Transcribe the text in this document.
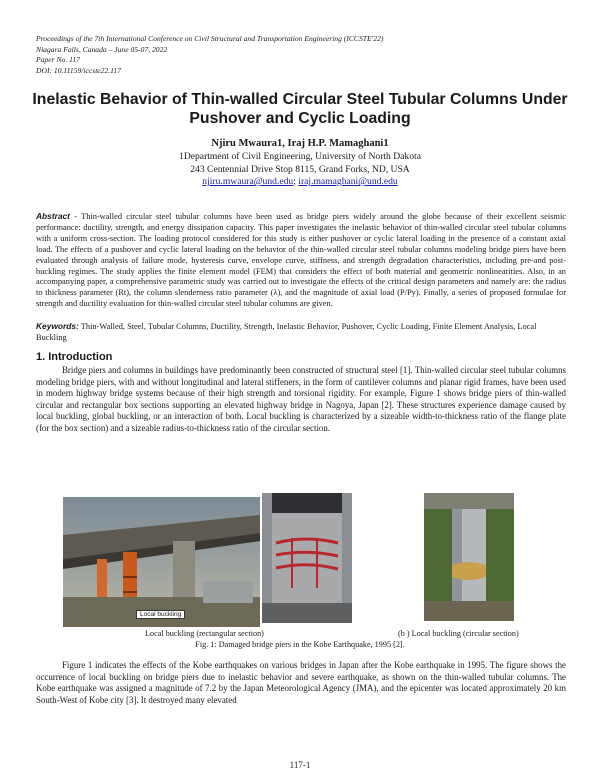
Proceedings of the 7th International Conference on Civil Structural and Transportation Engineering (ICCSTE'22)
Niagara Falls, Canada – June 05-07, 2022
Paper No. 117
DOI: 10.11159/iccste22.117
Inelastic Behavior of Thin-walled Circular Steel Tubular Columns Under
Pushover and Cyclic Loading
Njiru Mwaura1, Iraj H.P. Mamaghani1
1Department of Civil Engineering, University of North Dakota
243 Centennial Drive Stop 8115, Grand Forks, ND, USA
njiru.mwaura@und.edu; iraj.mamaghani@und.edu
Abstract - Thin-walled circular steel tubular columns have been used as bridge piers widely around the globe because of their excellent seismic performance: ductility, strength, and energy dissipation capacity. This paper investigates the inelastic behavior of thin-walled circular steel tubular columns with a uniform cross-section. The loading protocol considered for this study is either pushover or cyclic lateral loading in the presence of a constant axial load. The effects of a pushover and cyclic lateral loading on the behavior of the thin-walled circular steel tubular columns modeling bridge piers have been evaluated through analysis of failure mode, hysteresis curve, envelope curve, stiffness, and strength degradation characteristics, including pre-and post-buckling regimes. The study applies the finite element model (FEM) that considers the effect of both material and geometric nonlinearities. Also, in an accompanying paper, a comprehensive parametric study was carried out to investigate the effects of the critical design parameters and namely are: the radius to thickness parameter (Rt), the column slenderness ratio parameter (λ), and the magnitude of axial load (P/Py). Finally, a series of proposed formulae for strength and ductility evaluation for thin-walled circular steel tubular columns are given.
Keywords: Thin-Walled, Steel, Tubular Columns, Ductility, Strength, Inelastic Behavior, Pushover, Cyclic Loading, Finite Element Analysis, Local Buckling
1. Introduction
Bridge piers and columns in buildings have predominantly been constructed of structural steel [1]. Thin-walled circular steel tubular columns modeling bridge piers, with and without longitudinal and lateral stiffeners, in the form of cantilever columns and planar rigid frames, have been used in modern highway bridge systems because of their high strength and torsional rigidity. For example, Figure 1 shows bridge piers of thin-walled circular and rectangular box sections supporting an elevated highway bridge in Nagoya, Japan [2]. These structures experience damage caused by local buckling, global buckling, or an interaction of both. Local buckling is characterized by a sizeable width-to-thickness ratio of the flange plate (for the box section) and a sizeable radius-to-thickness ratio of the circular section.
Local buckling
Local buckling (rectangular section)	(b ) Local buckling (circular section)
Fig. 1: Damaged bridge piers in the Kobe Earthquake, 1995 [2].
Figure 1 indicates the effects of the Kobe earthquakes on various bridges in Japan after the Kobe earthquake in 1995. The figure shows the occurrence of local buckling on bridge piers due to inelastic behavior and severe earthquake, as shown on the thin-walled tubular columns. The Kobe earthquake was assigned a magnitude of 7.2 by the Japan Meteorological Agency (JMA), and the epicenter was located approximately 20 km South-West of Kobe city [3]. It destroyed many elevated
117-1
